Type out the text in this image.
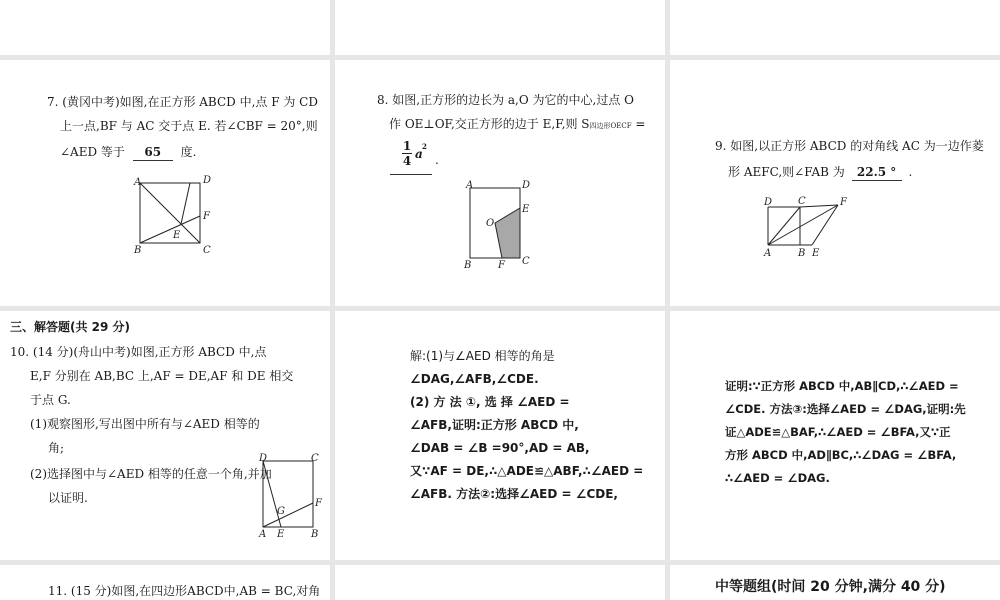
7. (黄冈中考)如图,在正方形 ABCD 中,点 F 为 CD
上一点,BF 与 AC 交于点 E. 若∠CBF = 20°,则
∠AED 等于 65 度.
A	D
B	C
F
E
8. 如图,正方形的边长为 a,O 为它的中心,过点 O
作 OE⊥OF,交正方形的边于 E,F,则 S四边形OECF =
1
4 a
2
.
A	D
B	C
E
F
O
9. 如图,以正方形 ABCD 的对角线 AC 为一边作菱
形 AEFC,则∠FAB 为 22.5 ° .
D	C	F
A	B E
三、解答题(共 29 分)
10. (14 分)(舟山中考)如图,正方形 ABCD 中,点
E,F 分别在 AB,BC 上,AF = DE,AF 和 DE 相交
于点 G.
(1)观察图形,写出图中所有与∠AED 相等的
角;
(2)选择图中与∠AED 相等的任意一个角,并加
以证明.
D	C
A E	B
F
G
解:(1)与∠AED 相等的角是
∠DAG,∠AFB,∠CDE.
(2) 方 法 ①, 选 择 ∠AED =
∠AFB,证明:正方形 ABCD 中,
∠DAB = ∠B =90°,AD = AB,
又∵AF = DE,∴△ADE≌△ABF,∴∠AED =
∠AFB. 方法②:选择∠AED = ∠CDE,
证明:∵正方形 ABCD 中,AB∥CD,∴∠AED =
∠CDE. 方法③:选择∠AED = ∠DAG,证明:先
证△ADE≌△BAF,∴∠AED = ∠BFA,又∵正
方形 ABCD 中,AD∥BC,∴∠DAG = ∠BFA,
∴∠AED = ∠DAG.
11. (15 分)如图,在四边形ABCD中,AB = BC,对角	中等题组(时间 20 分钟,满分 40 分)
